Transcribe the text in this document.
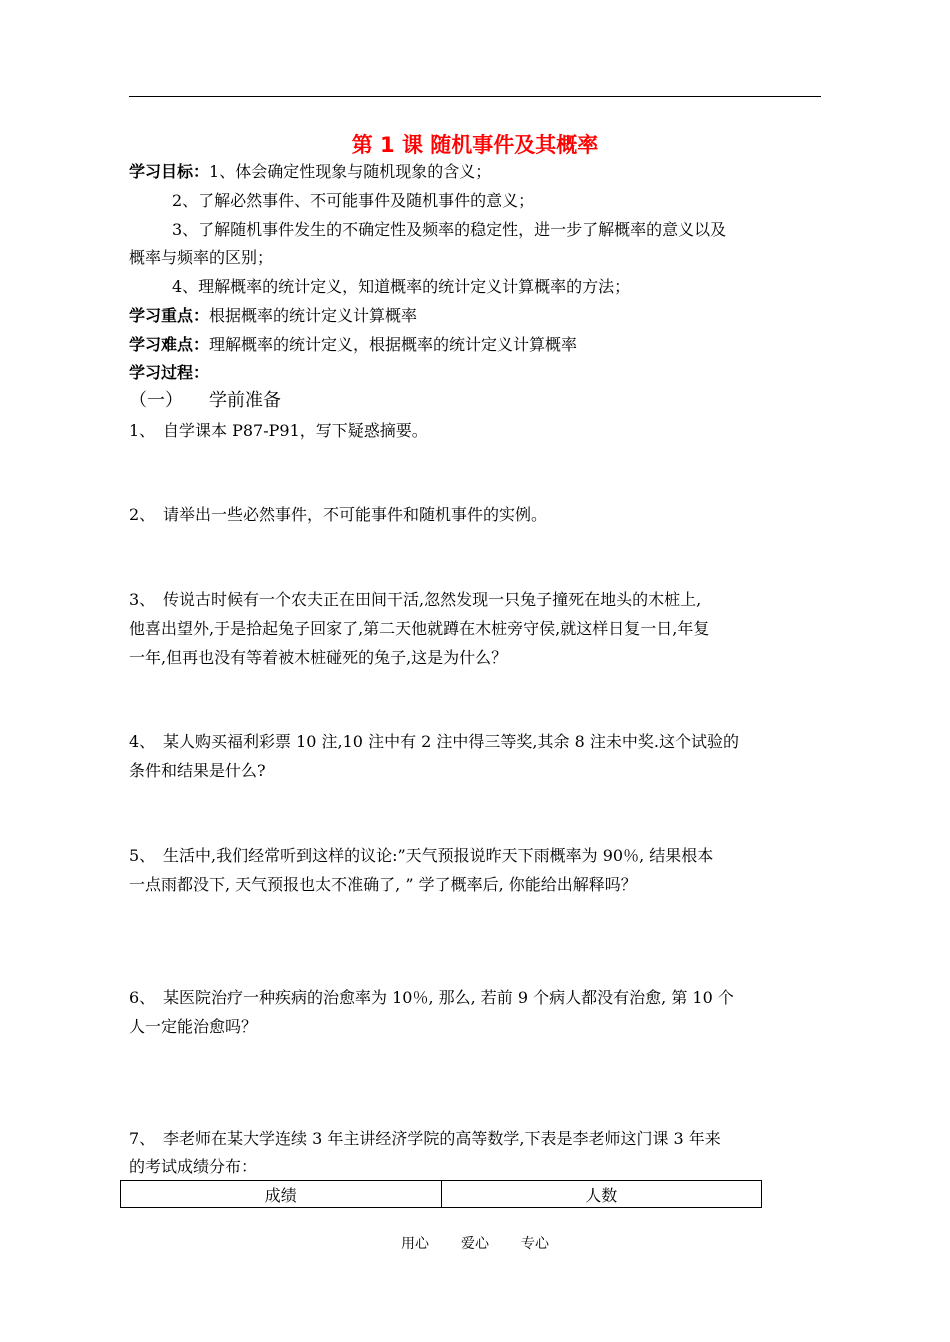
第 1 课 随机事件及其概率
学习目标：1、体会确定性现象与随机现象的含义；
2、了解必然事件、不可能事件及随机事件的意义；
3、了解随机事件发生的不确定性及频率的稳定性，进一步了解概率的意义以及
概率与频率的区别；
4、理解概率的统计定义，知道概率的统计定义计算概率的方法；
学习重点：根据概率的统计定义计算概率
学习难点：理解概率的统计定义，根据概率的统计定义计算概率
学习过程：
（一） 学前准备
1、 自学课本 P87-P91，写下疑惑摘要。
2、 请举出一些必然事件，不可能事件和随机事件的实例。
3、 传说古时候有一个农夫正在田间干活,忽然发现一只兔子撞死在地头的木桩上,
他喜出望外,于是拾起兔子回家了,第二天他就蹲在木桩旁守侯,就这样日复一日,年复
一年,但再也没有等着被木桩碰死的兔子,这是为什么？
4、 某人购买福利彩票 10 注,10 注中有 2 注中得三等奖,其余 8 注未中奖.这个试验的
条件和结果是什么?
5、 生活中,我们经常听到这样的议论:”天气预报说昨天下雨概率为 90％, 结果根本
一点雨都没下, 天气预报也太不准确了, ” 学了概率后, 你能给出解释吗？
6、 某医院治疗一种疾病的治愈率为 10％, 那么, 若前 9 个病人都没有治愈, 第 10 个
人一定能治愈吗？
7、 李老师在某大学连续 3 年主讲经济学院的高等数学,下表是李老师这门课 3 年来
的考试成绩分布：
成绩	人数
用心 爱心 专心
